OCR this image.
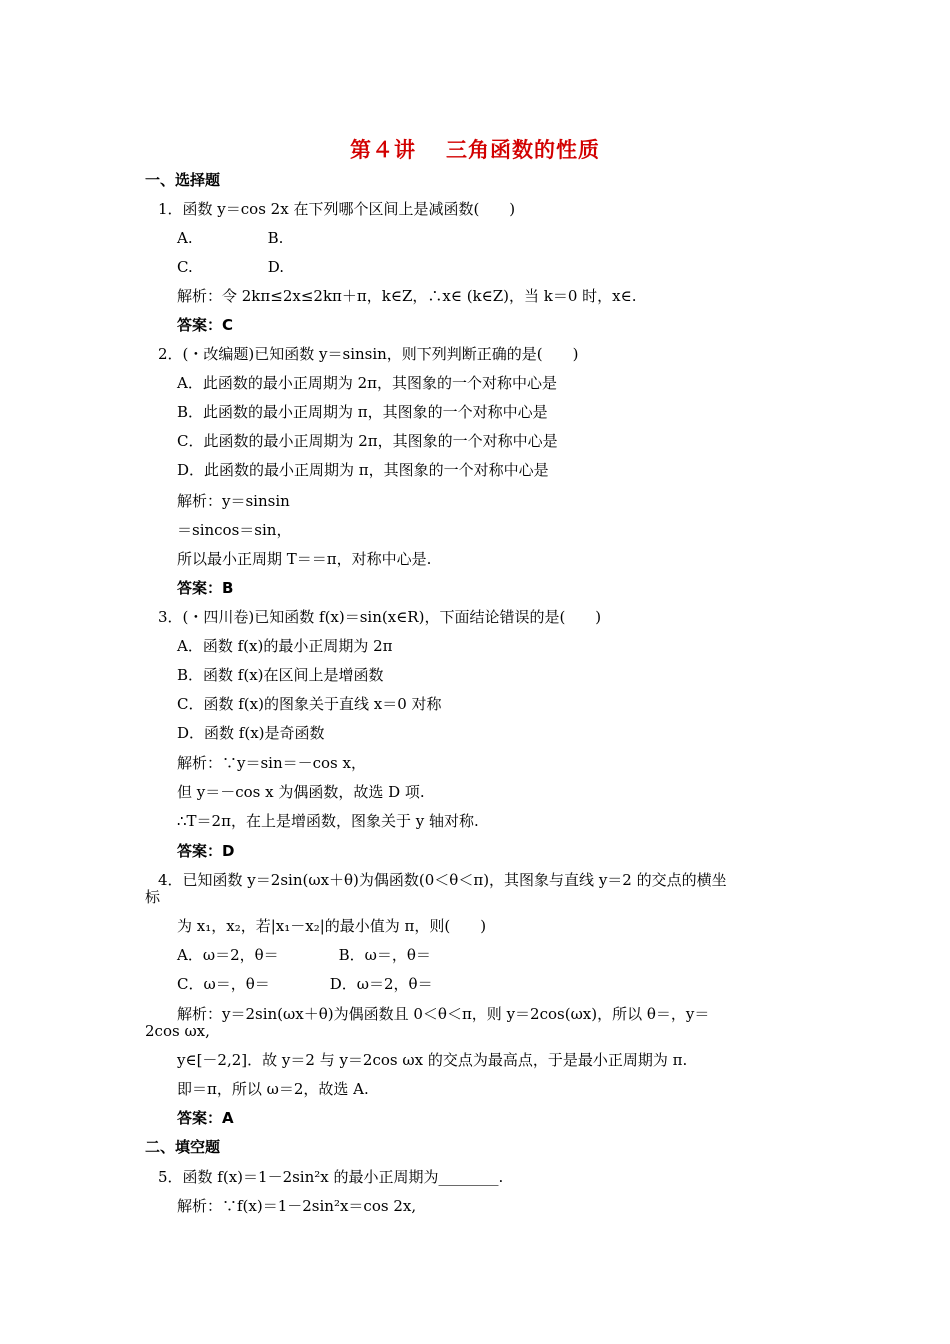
第４讲 三角函数的性质
一、选择题
1．函数 y＝cos 2x 在下列哪个区间上是减函数(　　)
A.　　　　　B.
C.　　　　　D.
解析：令 2kπ≤2x≤2kπ＋π，k∈Z，∴x∈ (k∈Z)，当 k＝0 时，x∈.
答案：C
2．(・改编题)已知函数 y＝sinsin，则下列判断正确的是(　　)
A．此函数的最小正周期为 2π，其图象的一个对称中心是
B．此函数的最小正周期为 π，其图象的一个对称中心是
C．此函数的最小正周期为 2π，其图象的一个对称中心是
D．此函数的最小正周期为 π，其图象的一个对称中心是
解析：y＝sinsin
＝sincos＝sin，
所以最小正周期 T＝＝π，对称中心是.
答案：B
3．(・四川卷)已知函数 f(x)＝sin(x∈R)，下面结论错误的是(　　)
A．函数 f(x)的最小正周期为 2π
B．函数 f(x)在区间上是增函数
C．函数 f(x)的图象关于直线 x＝0 对称
D．函数 f(x)是奇函数
解析：∵y＝sin＝－cos x，
但 y＝－cos x 为偶函数，故选 D 项.
∴T＝2π，在上是增函数，图象关于 y 轴对称.
答案：D
4．已知函数 y＝2sin(ωx＋θ)为偶函数(0＜θ＜π)，其图象与直线 y＝2 的交点的横坐
标
为 x₁，x₂，若|x₁－x₂|的最小值为 π，则(　　)
A．ω＝2，θ＝　　　　B．ω＝，θ＝
C．ω＝，θ＝　　　　D．ω＝2，θ＝
解析：y＝2sin(ωx＋θ)为偶函数且 0＜θ＜π，则 y＝2cos(ωx)，所以 θ＝，y＝
2cos ωx,
y∈[－2,2]．故 y＝2 与 y＝2cos ωx 的交点为最高点，于是最小正周期为 π.
即＝π，所以 ω＝2，故选 A.
答案：A
二、填空题
5．函数 f(x)＝1－2sin²x 的最小正周期为________.
解析：∵f(x)＝1－2sin²x＝cos 2x,
